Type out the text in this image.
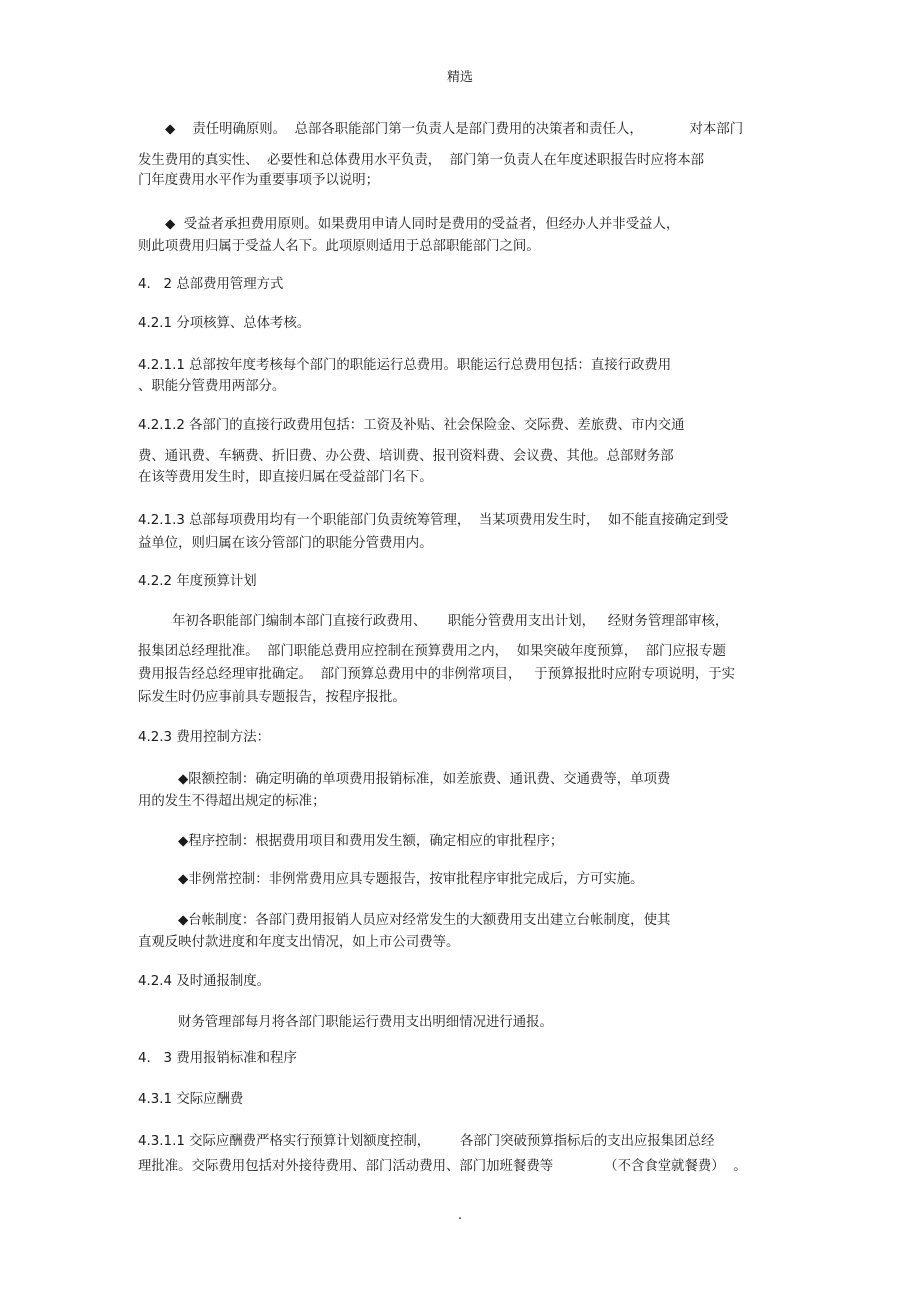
精选
◆    责任明确原则。  总部各职能部门第一负责人是部门费用的决策者和责任人，           对本部门
发生费用的真实性、  必要性和总体费用水平负责，  部门第一负责人在年度述职报告时应将本部
门年度费用水平作为重要事项予以说明；
◆  受益者承担费用原则。如果费用申请人同时是费用的受益者，但经办人并非受益人，
则此项费用归属于受益人名下。此项原则适用于总部职能部门之间。
4.   2 总部费用管理方式
4.2.1 分项核算、总体考核。
4.2.1.1 总部按年度考核每个部门的职能运行总费用。职能运行总费用包括：直接行政费用
、职能分管费用两部分。
4.2.1.2 各部门的直接行政费用包括：工资及补贴、社会保险金、交际费、差旅费、市内交通
费、通讯费、车辆费、折旧费、办公费、培训费、报刊资料费、会议费、其他。总部财务部
在该等费用发生时，即直接归属在受益部门名下。
4.2.1.3 总部每项费用均有一个职能部门负责统筹管理，  当某项费用发生时，  如不能直接确定到受
益单位，则归属在该分管部门的职能分管费用内。
4.2.2 年度预算计划
年初各职能部门编制本部门直接行政费用、     职能分管费用支出计划，   经财务管理部审核，
报集团总经理批准。  部门职能总费用应控制在预算费用之内，  如果突破年度预算，  部门应报专题
费用报告经总经理审批确定。  部门预算总费用中的非例常项目，   于预算报批时应附专项说明，于实
际发生时仍应事前具专题报告，按程序报批。
4.2.3 费用控制方法：
◆限额控制：确定明确的单项费用报销标准，如差旅费、通讯费、交通费等，单项费
用的发生不得超出规定的标准；
◆程序控制：根据费用项目和费用发生额，确定相应的审批程序；
◆非例常控制：非例常费用应具专题报告，按审批程序审批完成后，方可实施。
◆台帐制度：各部门费用报销人员应对经常发生的大额费用支出建立台帐制度，使其
直观反映付款进度和年度支出情况，如上市公司费等。
4.2.4 及时通报制度。
财务管理部每月将各部门职能运行费用支出明细情况进行通报。
4.   3 费用报销标准和程序
4.3.1 交际应酬费
4.3.1.1 交际应酬费严格实行预算计划额度控制，       各部门突破预算指标后的支出应报集团总经
理批准。交际费用包括对外接待费用、部门活动费用、部门加班餐费等            （不含食堂就餐费）  。
.
